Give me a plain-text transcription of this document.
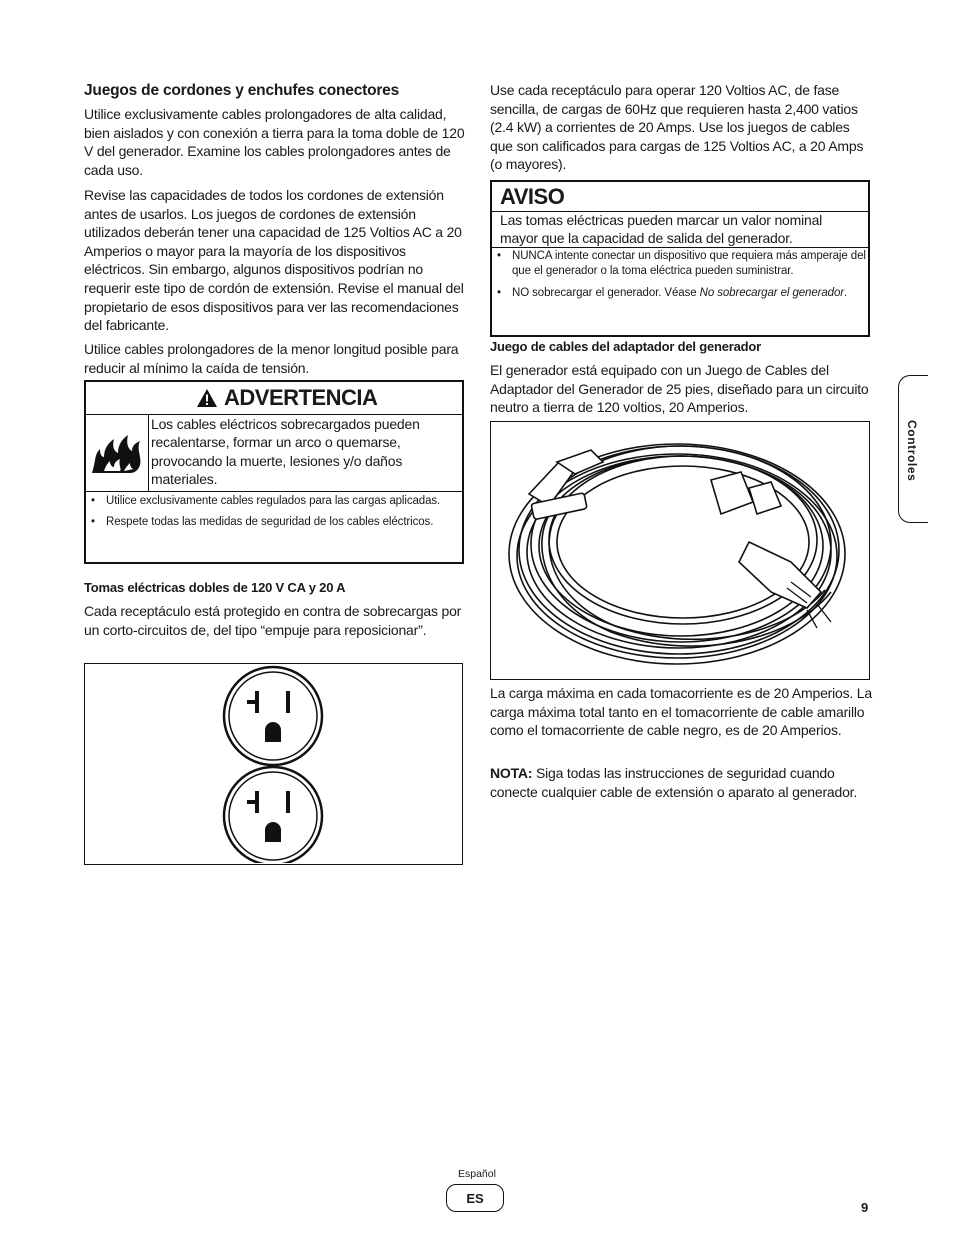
Juegos de cordones y enchufes conectores

Utilice exclusivamente cables prolongadores de alta calidad, bien aislados y con conexión a tierra para la toma doble de 120 V del generador. Examine los cables prolongadores antes de cada uso.

Revise las capacidades de todos los cordones de extensión antes de usarlos. Los juegos de cordones de extensión utilizados deberán tener una capacidad de 125 Voltios AC a 20 Amperios o mayor para la mayoría de los dispositivos eléctricos. Sin embargo, algunos dispositivos podrían no requerir este tipo de cordón de extensión. Revise el manual del propietario de esos dispositivos para ver las recomendaciones del fabricante.

Utilice cables prolongadores de la menor longitud posible para reducir al mínimo la caída de tensión.

ADVERTENCIA

Los cables eléctricos sobrecargados pueden recalentarse, formar un arco o quemarse, provocando la muerte, lesiones y/o daños materiales.

• Utilice exclusivamente cables regulados para las cargas aplicadas.

• Respete todas las medidas de seguridad de los cables eléctricos.

Tomas eléctricas dobles de 120 V CA y 20 A

Cada receptáculo está protegido en contra de sobrecargas por un corto-circuitos de, del tipo “empuje para reposicionar”.

Use cada receptáculo para operar 120 Voltios AC, de fase sencilla, de cargas de 60Hz que requieren hasta 2,400 vatios (2.4 kW) a corrientes de 20 Amps. Use los juegos de cables que son calificados para cargas de 125 Voltios AC, a 20 Amps (o mayores).

AVISO

Las tomas eléctricas pueden marcar un valor nominal mayor que la capacidad de salida del generador.

• NUNCA intente conectar un dispositivo que requiera más amperaje del que el generador o la toma eléctrica pueden suministrar.

• NO sobrecargar el generador. Véase No sobrecargar el generador.

Juego de cables del adaptador del generador

El generador está equipado con un Juego de Cables del Adaptador del Generador de 25 pies, diseñado para un circuito neutro a tierra de 120 voltios, 20 Amperios.

La carga máxima en cada tomacorriente es de 20 Amperios. La carga máxima total tanto en el tomacorriente de cable amarillo como el tomacorriente de cable negro, es de 20 Amperios.

NOTA: Siga todas las instrucciones de seguridad cuando conecte cualquier cable de extensión o aparato al generador.

Controles
Español
ES
9
